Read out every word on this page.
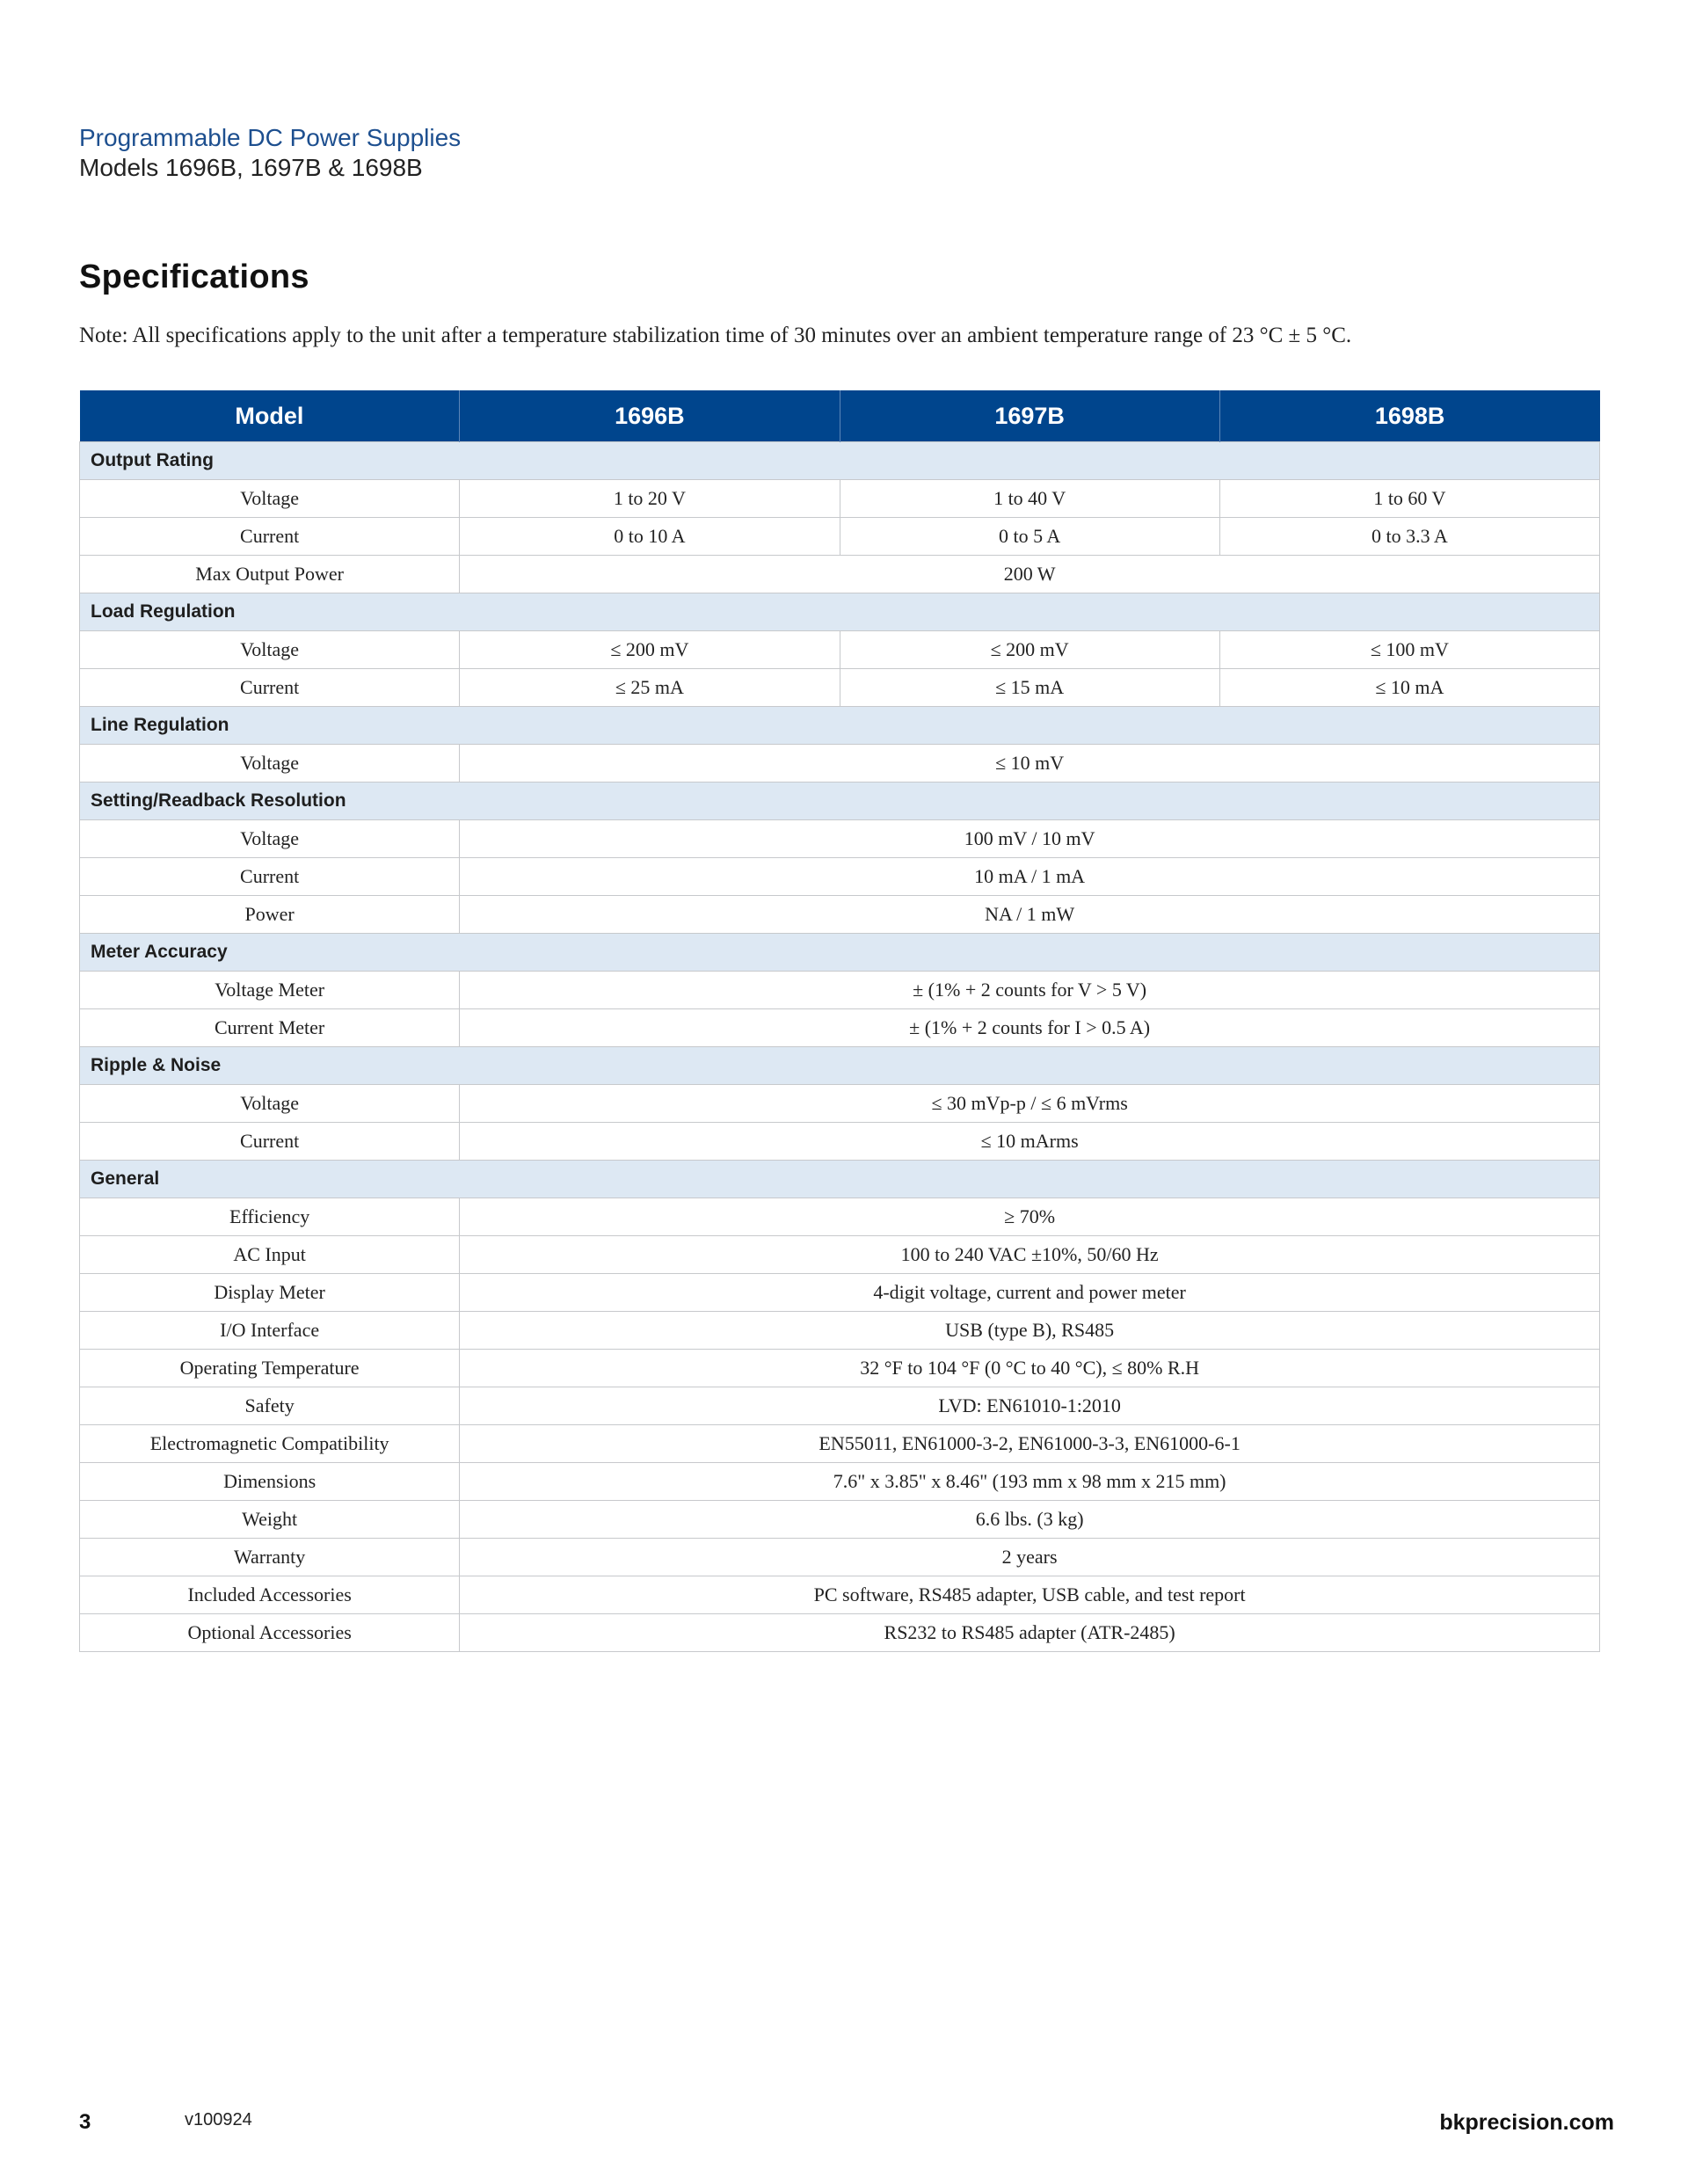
Programmable DC Power Supplies
Models 1696B, 1697B & 1698B
Specifications

Note: All specifications apply to the unit after a temperature stabilization time of 30 minutes over an ambient temperature range of 23 °C ± 5 °C.

Model	1696B	1697B	1698B
Output Rating			
Voltage	1 to 20 V	1 to 40 V	1 to 60 V
Current	0 to 10 A	0 to 5 A	0 to 3.3 A
Max Output Power	200 W		
Load Regulation			
Voltage	≤ 200 mV	≤ 200 mV	≤ 100 mV
Current	≤ 25 mA	≤ 15 mA	≤ 10 mA
Line Regulation			
Voltage	≤ 10 mV		
Setting/Readback Resolution			
Voltage	100 mV / 10 mV		
Current	10 mA / 1 mA		
Power	NA / 1 mW		
Meter Accuracy			
Voltage Meter	± (1% + 2 counts for V > 5 V)		
Current Meter	± (1% + 2 counts for I > 0.5 A)		
Ripple & Noise			
Voltage	≤ 30 mVp-p / ≤ 6 mVrms		
Current	≤ 10 mArms		
General			
Efficiency	≥ 70%		
AC Input	100 to 240 VAC ±10%, 50/60 Hz		
Display Meter	4-digit voltage, current and power meter		
I/O Interface	USB (type B), RS485		
Operating Temperature	32 °F to 104 °F (0 °C to 40 °C), ≤ 80% R.H		
Safety	LVD: EN61010-1:2010		
Electromagnetic Compatibility	EN55011, EN61000-3-2, EN61000-3-3, EN61000-6-1		
Dimensions	7.6" x 3.85" x 8.46" (193 mm x 98 mm x 215 mm)		
Weight	6.6 lbs. (3 kg)		
Warranty	2 years		
Included Accessories	PC software, RS485 adapter, USB cable, and test report		
Optional Accessories	RS232 to RS485 adapter (ATR-2485)		
3	v100924	bkprecision.com
